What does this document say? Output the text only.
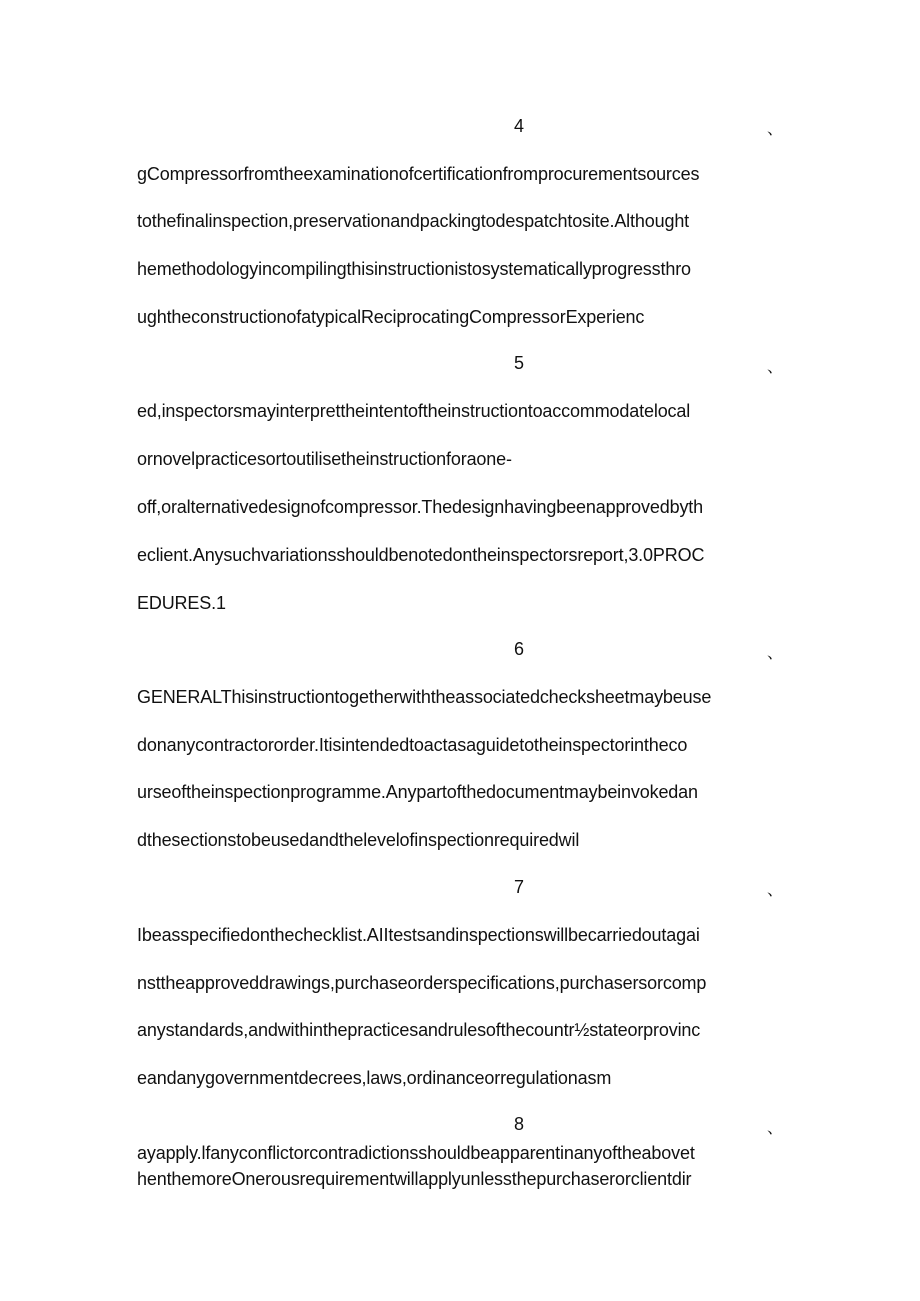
4	、
gCompressorfromtheexaminationofcertificationfromprocurementsources
tothefinalinspection,preservationandpackingtodespatchtosite.Althought
hemethodologyincompilingthisinstructionistosystematicallyprogressthro
ughtheconstructionofatypicalReciprocatingCompressorExperienc
5	、
ed,inspectorsmayinterprettheintentoftheinstructiontoaccommodatelocal
ornovelpracticesortoutilisetheinstructionforaone-
off,oralternativedesignofcompressor.Thedesignhavingbeenapprovedbyth
eclient.Anysuchvariationsshouldbenotedontheinspectorsreport,3.0PROC
EDURES.1
6	、
GENERALThisinstructiontogetherwiththeassociatedchecksheetmaybeuse
donanycontractororder.Itisintendedtoactasaguidetotheinspectorintheco
urseoftheinspectionprogramme.Anypartofthedocumentmaybeinvokedan
dthesectionstobeusedandthelevelofinspectionrequiredwil
7	、
Ibeasspecifiedonthechecklist.AIItestsandinspectionswillbecarriedoutagai
nsttheapproveddrawings,purchaseorderspecifications,purchasersorcomp
anystandards,andwithinthepracticesandrulesofthecountr½stateorprovinc
eandanygovernmentdecrees,laws,ordinanceorregulationasm
8	、
ayapply.lfanyconflictorcontradictionsshouldbeapparentinanyoftheabovet
henthemoreOnerousrequirementwillapplyunlessthepurchaserorclientdir
